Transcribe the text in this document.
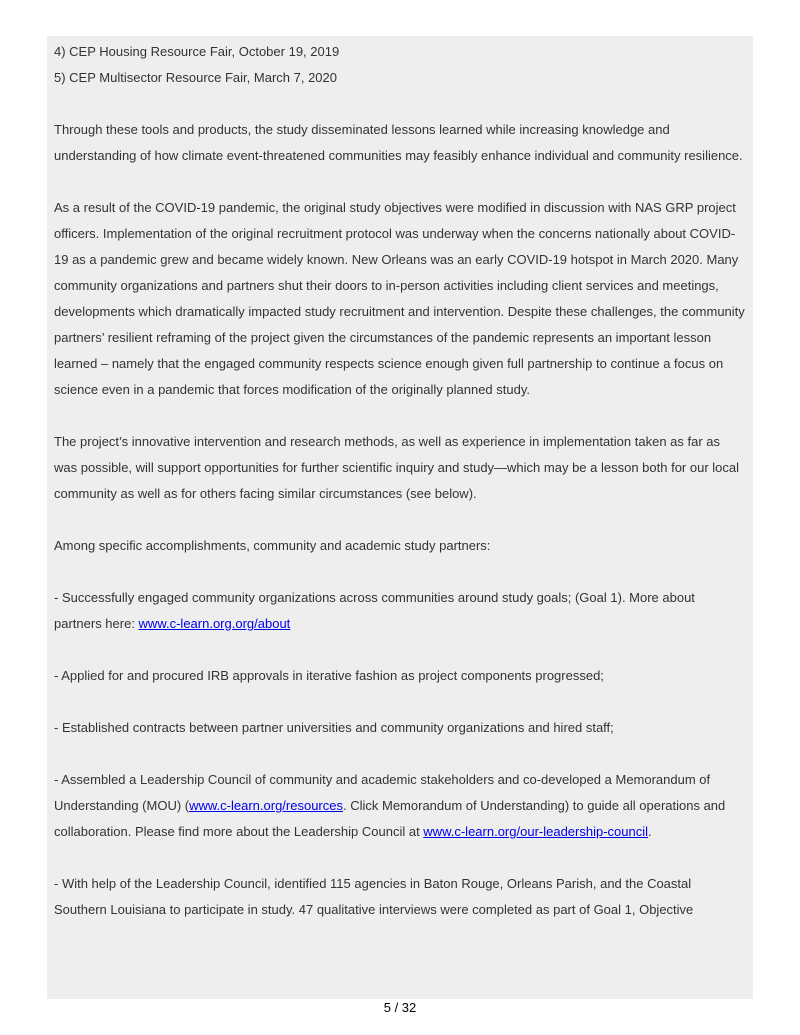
4) CEP Housing Resource Fair, October 19, 2019
5) CEP Multisector Resource Fair, March 7, 2020
Through these tools and products, the study disseminated lessons learned while increasing knowledge and understanding of how climate event-threatened communities may feasibly enhance individual and community resilience.
As a result of the COVID-19 pandemic, the original study objectives were modified in discussion with NAS GRP project officers. Implementation of the original recruitment protocol was underway when the concerns nationally about COVID-19 as a pandemic grew and became widely known. New Orleans was an early COVID-19 hotspot in March 2020. Many community organizations and partners shut their doors to in-person activities including client services and meetings, developments which dramatically impacted study recruitment and intervention. Despite these challenges, the community partners’ resilient reframing of the project given the circumstances of the pandemic represents an important lesson learned – namely that the engaged community respects science enough given full partnership to continue a focus on science even in a pandemic that forces modification of the originally planned study.
The project’s innovative intervention and research methods, as well as experience in implementation taken as far as was possible, will support opportunities for further scientific inquiry and study—which may be a lesson both for our local community as well as for others facing similar circumstances (see below).
Among specific accomplishments, community and academic study partners:
- Successfully engaged community organizations across communities around study goals; (Goal 1). More about partners here: www.c-learn.org.org/about
- Applied for and procured IRB approvals in iterative fashion as project components progressed;
- Established contracts between partner universities and community organizations and hired staff;
- Assembled a Leadership Council of community and academic stakeholders and co-developed a Memorandum of Understanding (MOU) (www.c-learn.org/resources. Click Memorandum of Understanding) to guide all operations and collaboration. Please find more about the Leadership Council at www.c-learn.org/our-leadership-council.
- With help of the Leadership Council, identified 115 agencies in Baton Rouge, Orleans Parish, and the Coastal Southern Louisiana to participate in study. 47 qualitative interviews were completed as part of Goal 1, Objective
5 / 32
